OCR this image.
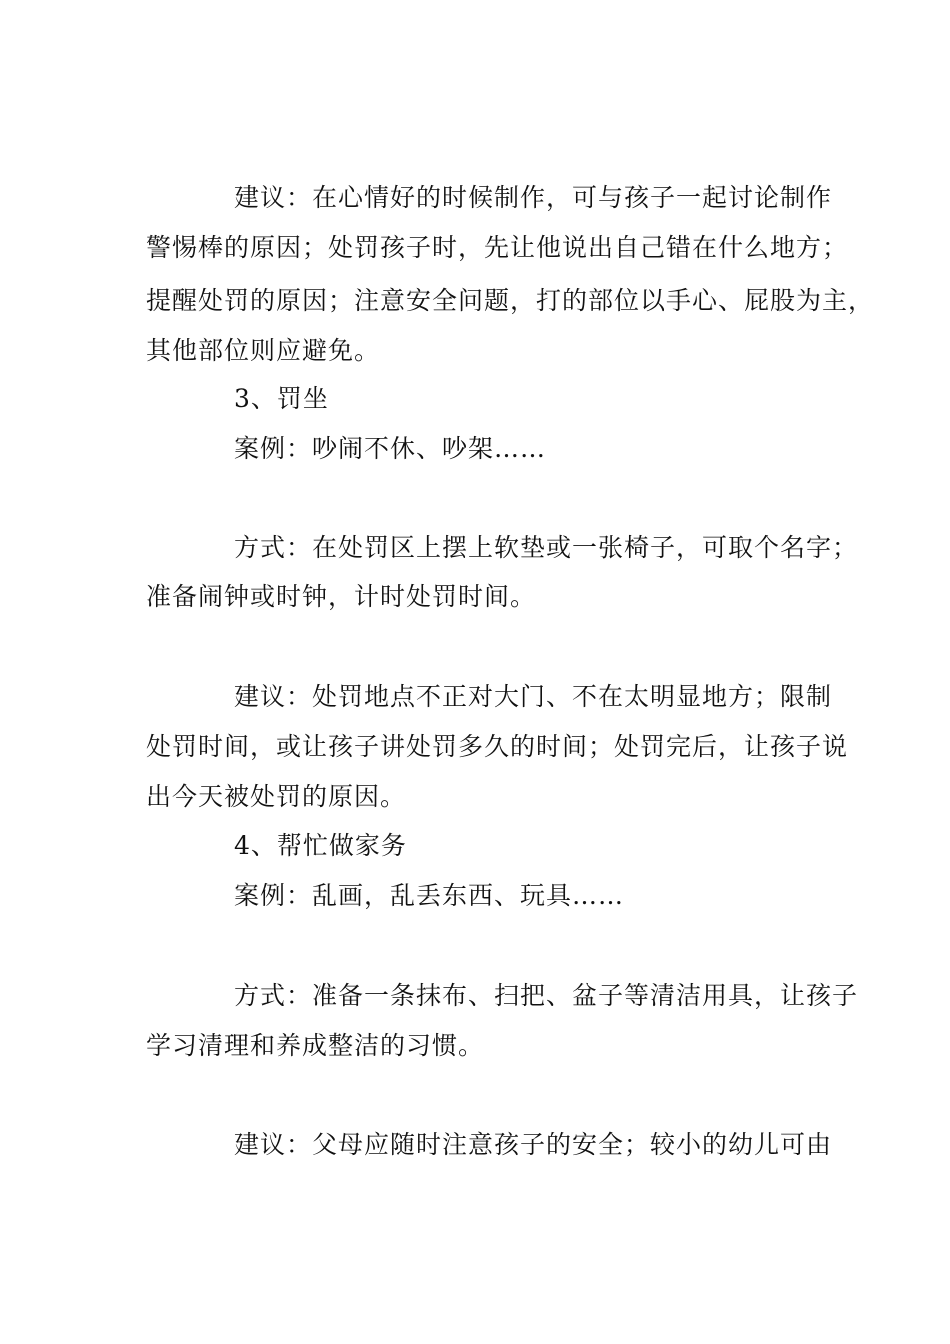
建议：在心情好的时候制作，可与孩子一起讨论制作
警惕棒的原因；处罚孩子时，先让他说出自己错在什么地方；
提醒处罚的原因；注意安全问题，打的部位以手心、屁股为主，
其他部位则应避免。
3、罚坐
案例：吵闹不休、吵架……
方式：在处罚区上摆上软垫或一张椅子，可取个名字；
准备闹钟或时钟，计时处罚时间。
建议：处罚地点不正对大门、不在太明显地方；限制
处罚时间，或让孩子讲处罚多久的时间；处罚完后，让孩子说
出今天被处罚的原因。
4、帮忙做家务
案例：乱画，乱丢东西、玩具……
方式：准备一条抹布、扫把、盆子等清洁用具，让孩子
学习清理和养成整洁的习惯。
建议：父母应随时注意孩子的安全；较小的幼儿可由
